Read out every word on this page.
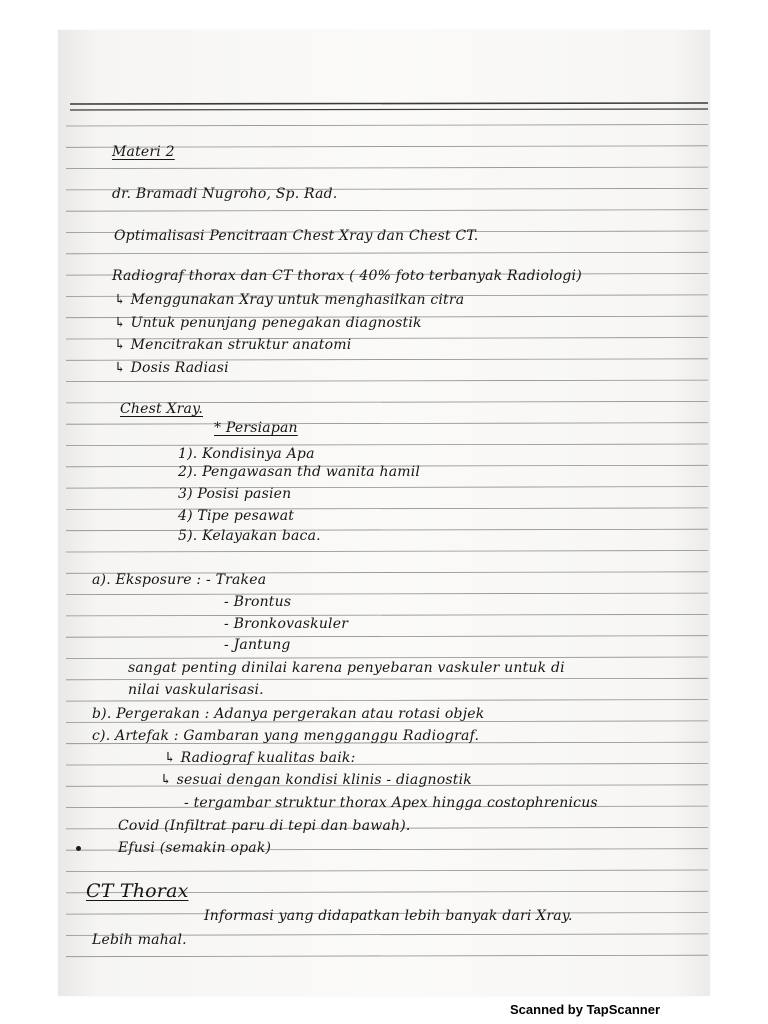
Materi 2
dr. Bramadi Nugroho, Sp. Rad.
Optimalisasi Pencitraan Chest Xray dan Chest CT.
Radiograf thorax dan CT thorax ( 40% foto terbanyak Radiologi)
↳ Menggunakan Xray untuk menghasilkan citra
↳ Untuk penunjang penegakan diagnostik
↳ Mencitrakan struktur anatomi
↳ Dosis Radiasi
Chest Xray.
* Persiapan
1). Kondisinya Apa
2). Pengawasan thd wanita hamil
3) Posisi pasien
4) Tipe pesawat
5). Kelayakan baca.
a). Eksposure : - Trakea
- Brontus
- Bronkovaskuler
- Jantung
sangat penting dinilai karena penyebaran vaskuler untuk di
nilai vaskularisasi.
b). Pergerakan : Adanya pergerakan atau rotasi objek
c). Artefak : Gambaran yang mengganggu Radiograf.
↳ Radiograf kualitas baik:
↳ sesuai dengan kondisi klinis - diagnostik
- tergambar struktur thorax Apex hingga costophrenicus
Covid (Infiltrat paru di tepi dan bawah).
Efusi (semakin opak)
CT Thorax
Informasi yang didapatkan lebih banyak dari Xray.
Lebih mahal.
Scanned by TapScanner
